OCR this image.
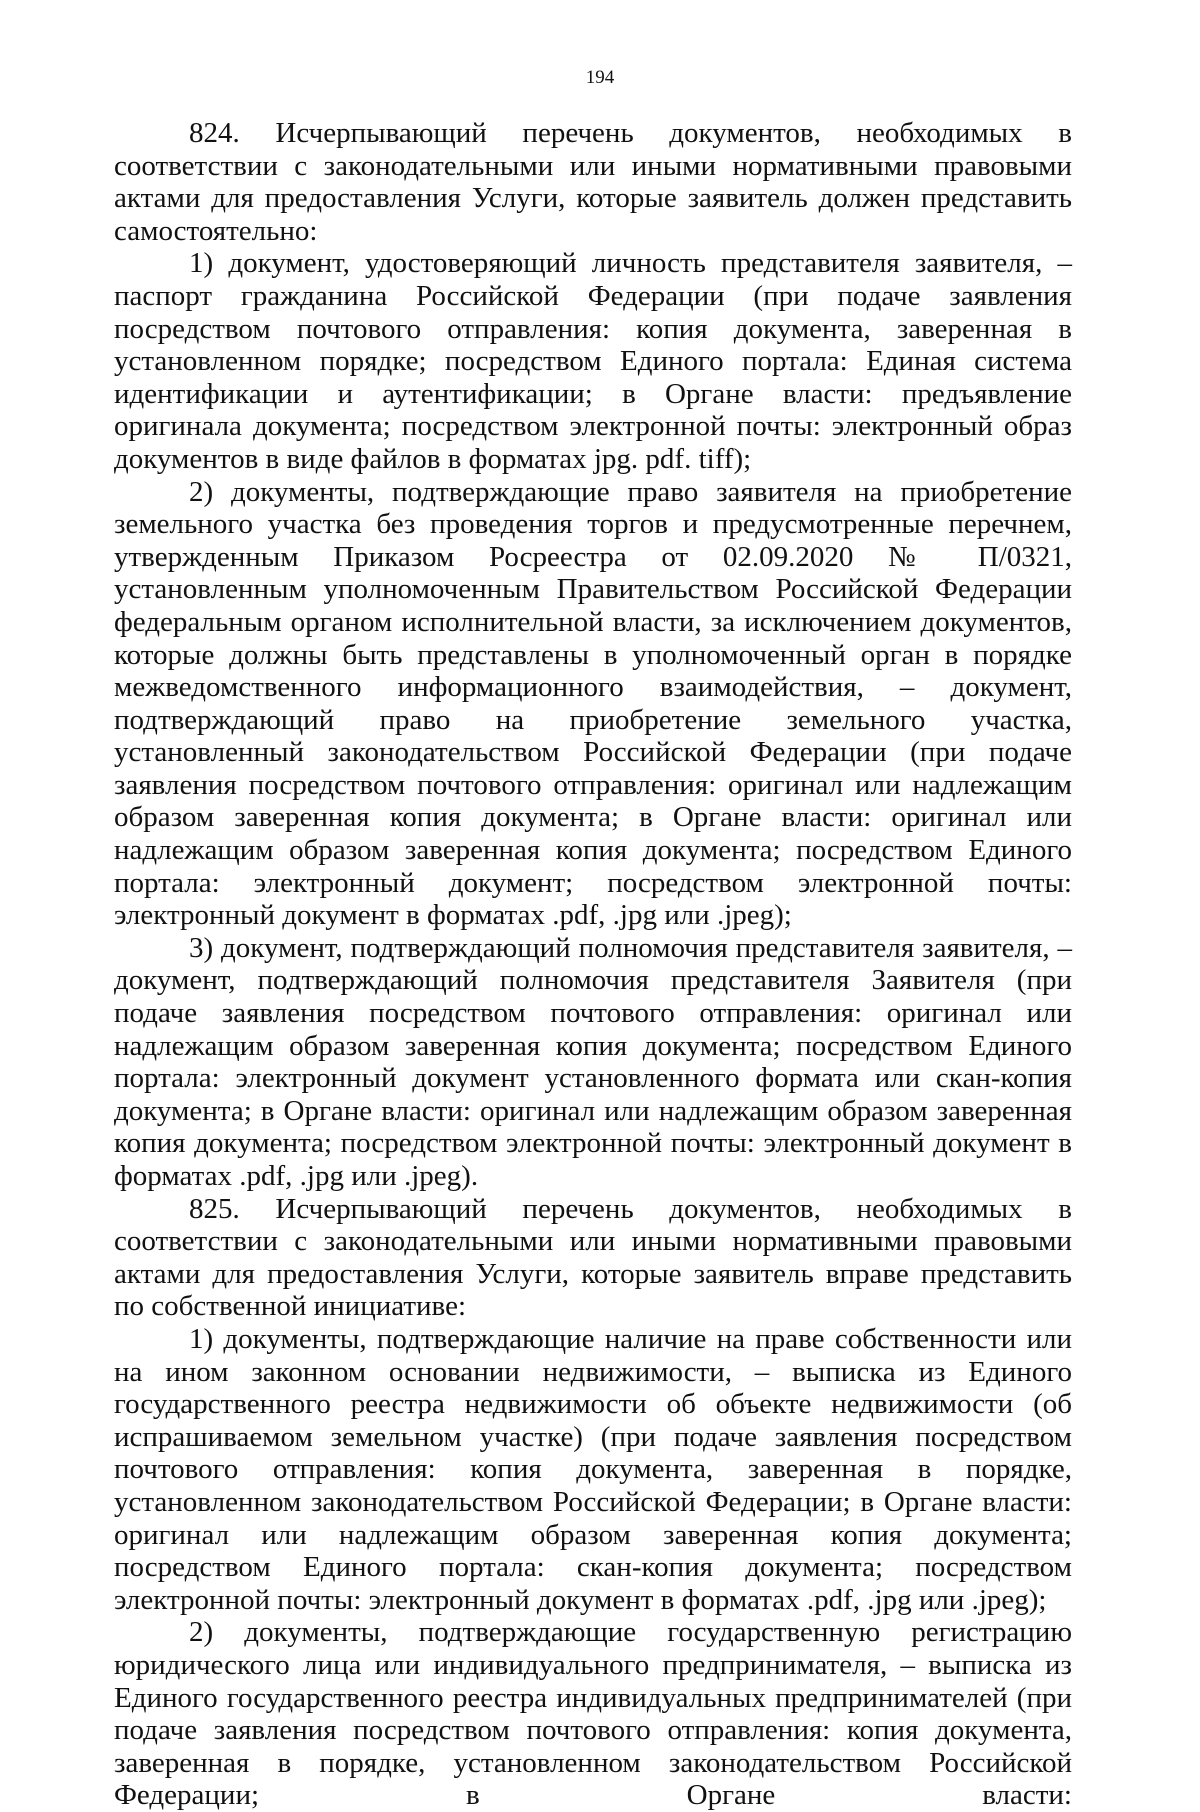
194

824. Исчерпывающий перечень документов, необходимых в соответствии с законодательными или иными нормативными правовыми актами для предоставления Услуги, которые заявитель должен представить самостоятельно:

1) документ, удостоверяющий личность представителя заявителя, – паспорт гражданина Российской Федерации (при подаче заявления посредством почтового отправления: копия документа, заверенная в установленном порядке; посредством Единого портала: Единая система идентификации и аутентификации; в Органе власти: предъявление оригинала документа; посредством электронной почты: электронный образ документов в виде файлов в форматах jpg. pdf. tiff);

2) документы, подтверждающие право заявителя на приобретение земельного участка без проведения торгов и предусмотренные перечнем, утвержденным Приказом Росреестра от 02.09.2020 № П/0321, установленным уполномоченным Правительством Российской Федерации федеральным органом исполнительной власти, за исключением документов, которые должны быть представлены в уполномоченный орган в порядке межведомственного информационного взаимодействия, – документ, подтверждающий право на приобретение земельного участка, установленный законодательством Российской Федерации (при подаче заявления посредством почтового отправления: оригинал или надлежащим образом заверенная копия документа; в Органе власти: оригинал или надлежащим образом заверенная копия документа; посредством Единого портала: электронный документ; посредством электронной почты: электронный документ в форматах .pdf, .jpg или .jpeg);

3) документ, подтверждающий полномочия представителя заявителя, – документ, подтверждающий полномочия представителя Заявителя (при подаче заявления посредством почтового отправления: оригинал или надлежащим образом заверенная копия документа; посредством Единого портала: электронный документ установленного формата или скан-копия документа; в Органе власти: оригинал или надлежащим образом заверенная копия документа; посредством электронной почты: электронный документ в форматах .pdf, .jpg или .jpeg).

825. Исчерпывающий перечень документов, необходимых в соответствии с законодательными или иными нормативными правовыми актами для предоставления Услуги, которые заявитель вправе представить по собственной инициативе:

1) документы, подтверждающие наличие на праве собственности или на ином законном основании недвижимости, – выписка из Единого государственного реестра недвижимости об объекте недвижимости (об испрашиваемом земельном участке) (при подаче заявления посредством почтового отправления: копия документа, заверенная в порядке, установленном законодательством Российской Федерации; в Органе власти: оригинал или надлежащим образом заверенная копия документа; посредством Единого портала: скан-копия документа; посредством электронной почты: электронный документ в форматах .pdf, .jpg или .jpeg);

2) документы, подтверждающие государственную регистрацию юридического лица или индивидуального предпринимателя, – выписка из Единого государственного реестра индивидуальных предпринимателей (при подаче заявления посредством почтового отправления: копия документа, заверенная в порядке, установленном законодательством Российской Федерации; в Органе власти:
